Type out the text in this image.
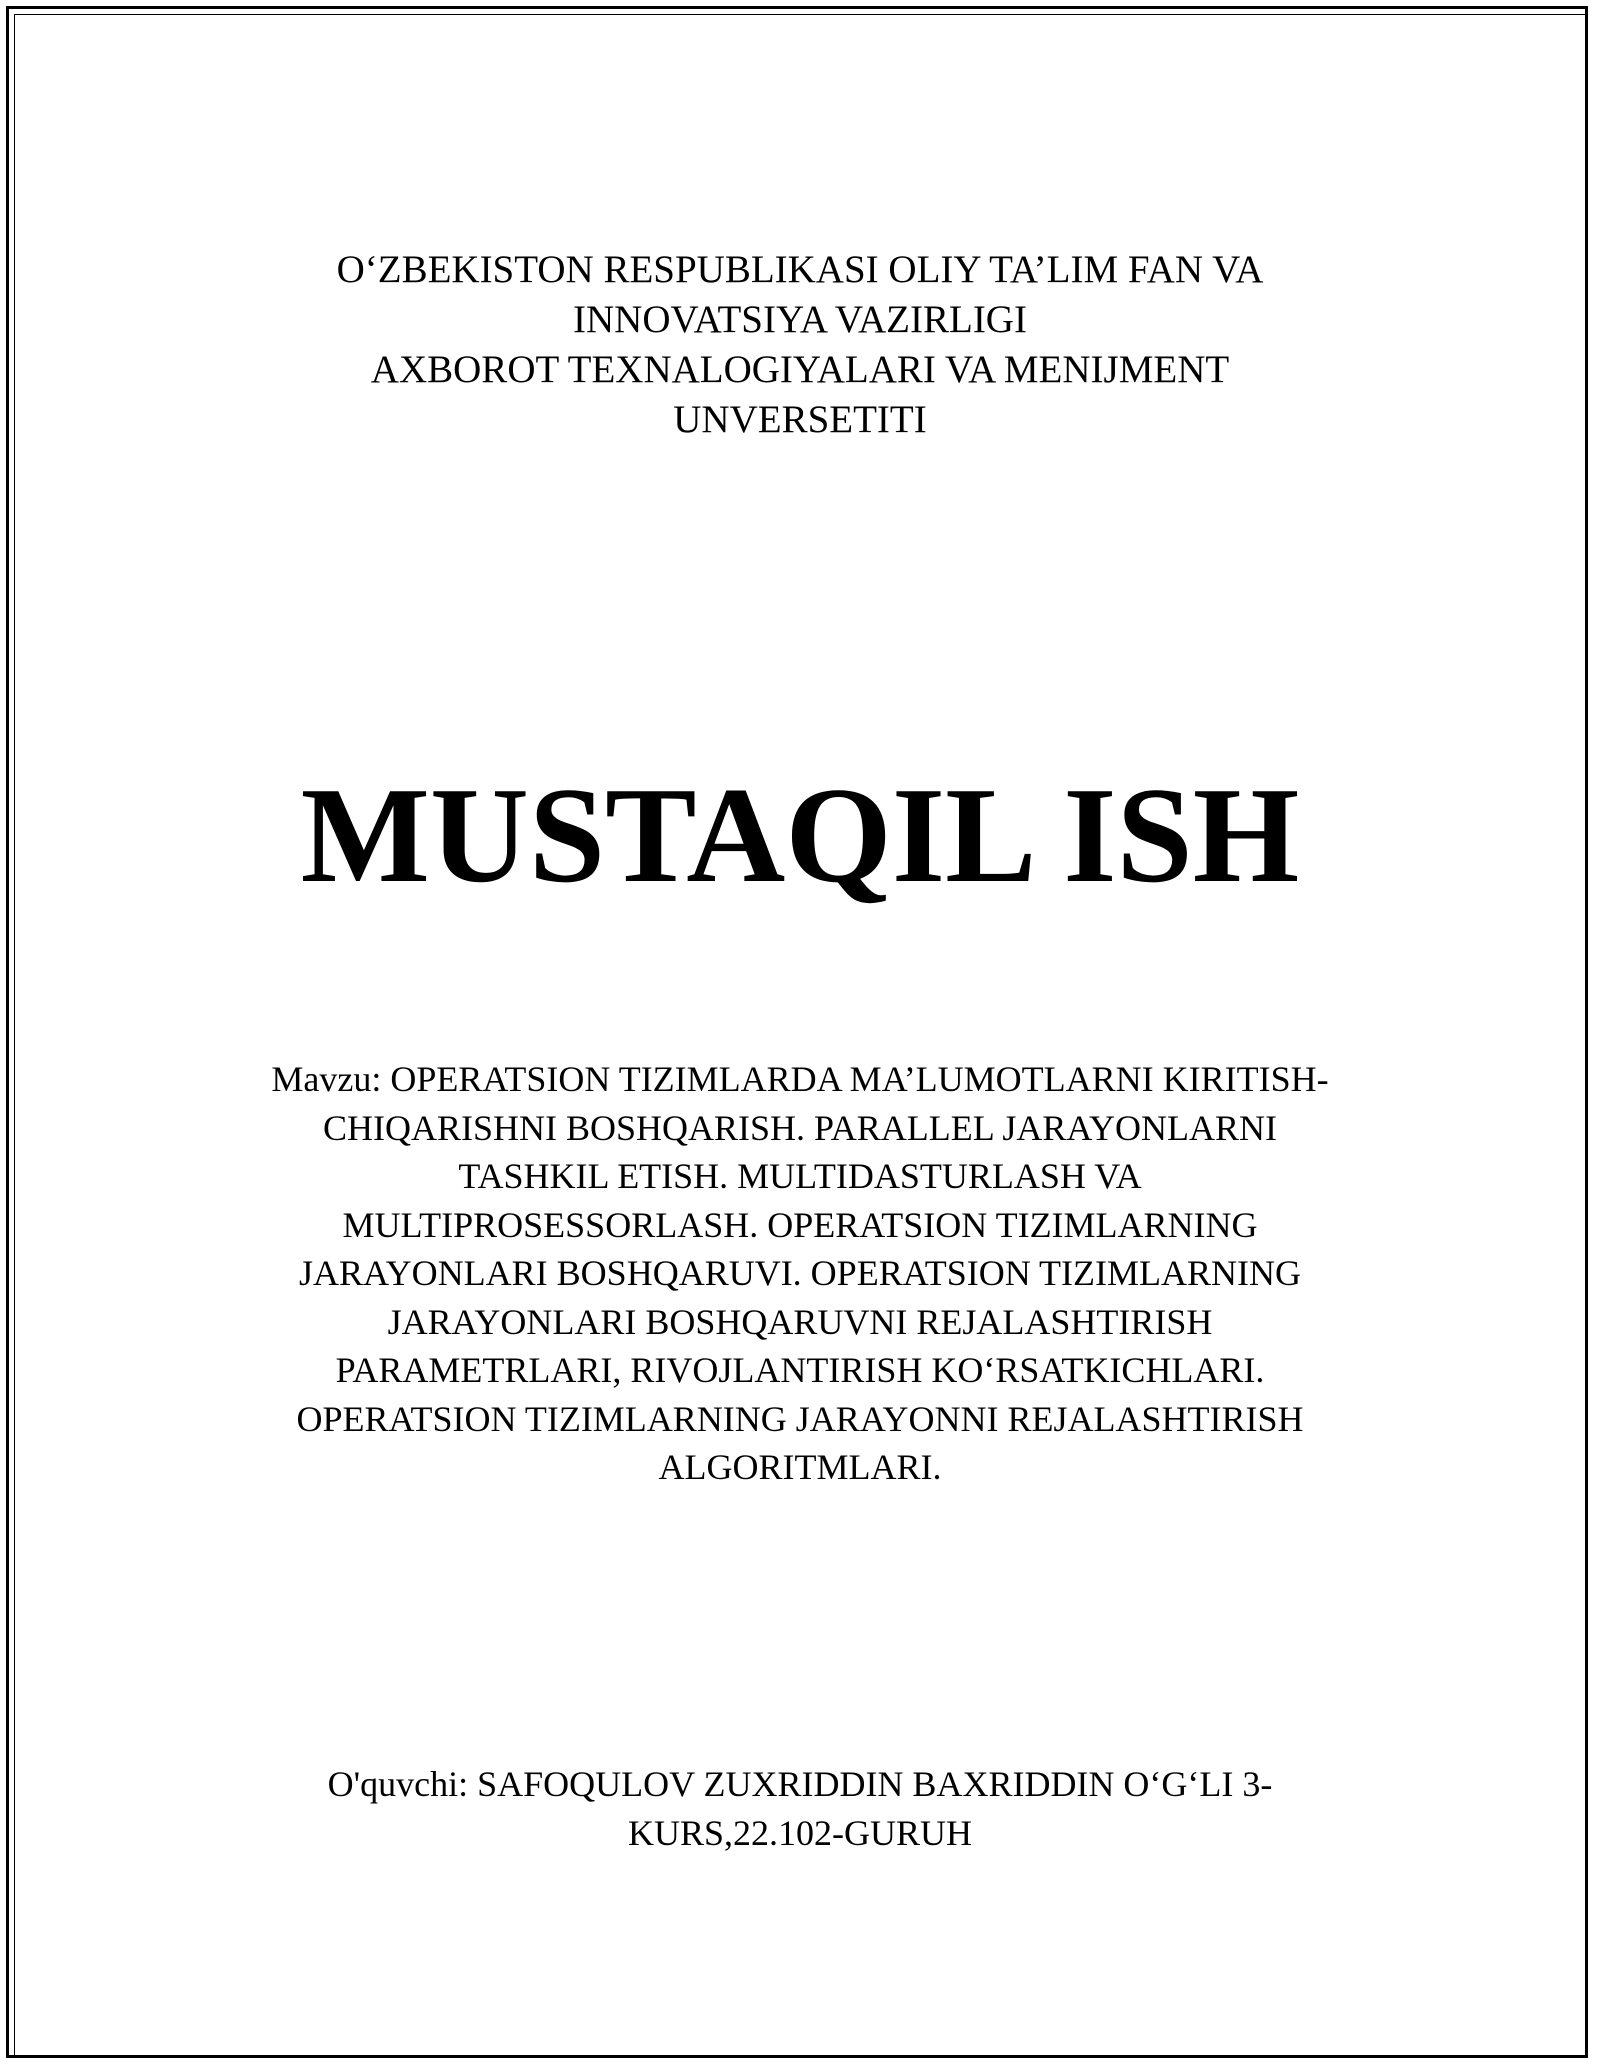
O‘ZBEKISTON RESPUBLIKASI OLIY TA’LIM FAN VA
INNOVATSIYA VAZIRLIGI
AXBOROT TEXNALOGIYALARI VA MENIJMENT
UNVERSETITI
MUSTAQIL ISH
Mavzu: OPERATSION TIZIMLARDA MA’LUMOTLARNI KIRITISH-
CHIQARISHNI BOSHQARISH. PARALLEL JARAYONLARNI
TASHKIL ETISH. MULTIDASTURLASH VA
MULTIPROSESSORLASH. OPERATSION TIZIMLARNING
JARAYONLARI BOSHQARUVI. OPERATSION TIZIMLARNING
JARAYONLARI BOSHQARUVNI REJALASHTIRISH
PARAMETRLARI, RIVOJLANTIRISH KO‘RSATKICHLARI.
OPERATSION TIZIMLARNING JARAYONNI REJALASHTIRISH
ALGORITMLARI.
O'quvchi: SAFOQULOV ZUXRIDDIN BAXRIDDIN O‘G‘LI 3-
KURS,22.102-GURUH
